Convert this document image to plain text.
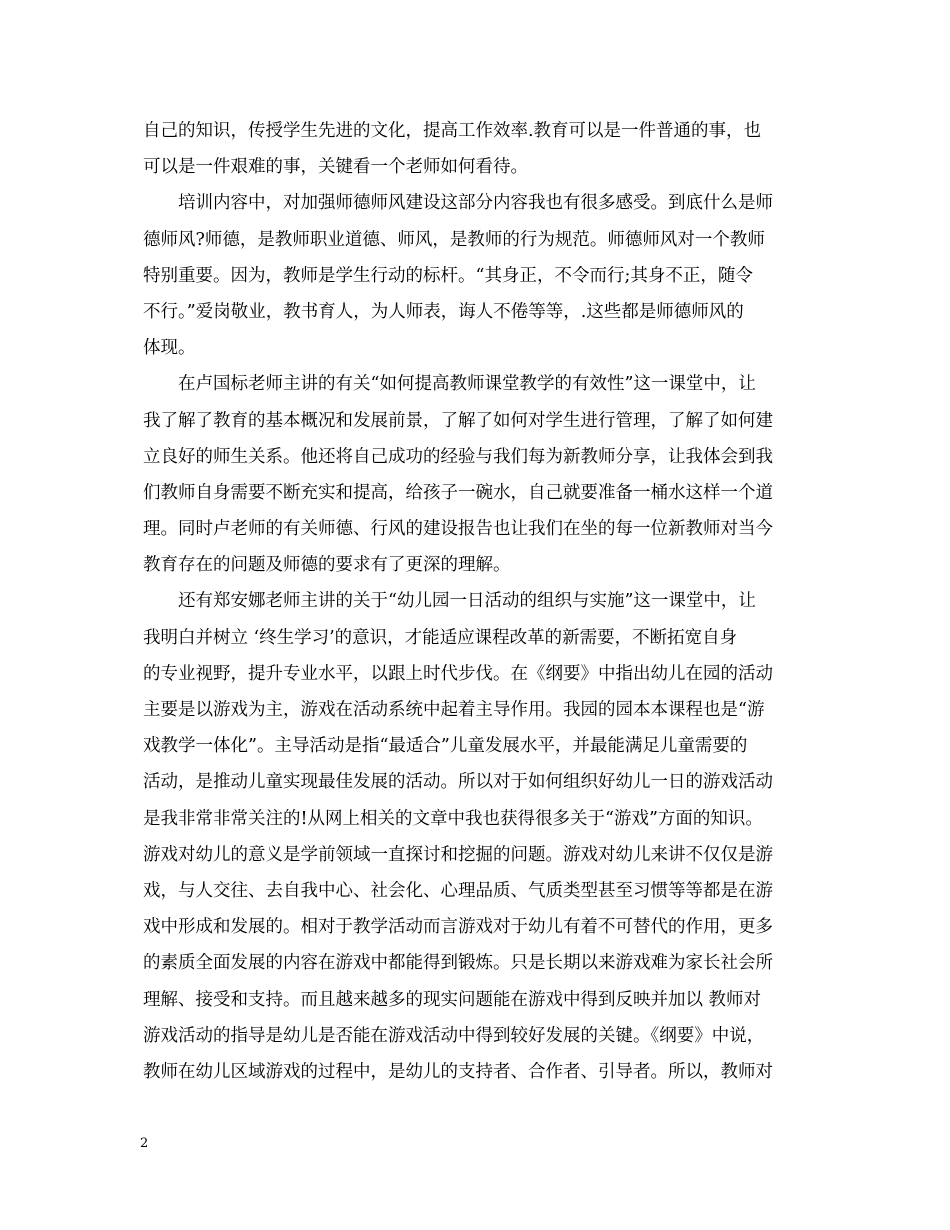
自己的知识，传授学生先进的文化，提高工作效率.教育可以是一件普通的事，也
可以是一件艰难的事，关键看一个老师如何看待。
　　培训内容中，对加强师德师风建设这部分内容我也有很多感受。到底什么是师
德师风?师德，是教师职业道德、师风，是教师的行为规范。师德师风对一个教师
特别重要。因为，教师是学生行动的标杆。“其身正，不令而行;其身不正，随令
不行。”爱岗敬业，教书育人，为人师表，诲人不倦等等，.这些都是师德师风的
体现。
　　在卢国标老师主讲的有关“如何提高教师课堂教学的有效性”这一课堂中，让
我了解了教育的基本概况和发展前景，了解了如何对学生进行管理，了解了如何建
立良好的师生关系。他还将自己成功的经验与我们每为新教师分享，让我体会到我
们教师自身需要不断充实和提高，给孩子一碗水，自己就要准备一桶水这样一个道
理。同时卢老师的有关师德、行风的建设报告也让我们在坐的每一位新教师对当今
教育存在的问题及师德的要求有了更深的理解。
　　还有郑安娜老师主讲的关于“幼儿园一日活动的组织与实施”这一课堂中，让
我明白并树立 ‘终生学习’的意识，才能适应课程改革的新需要，不断拓宽自身
的专业视野，提升专业水平，以跟上时代步伐。在《纲要》中指出幼儿在园的活动
主要是以游戏为主，游戏在活动系统中起着主导作用。我园的园本本课程也是“游
戏教学一体化”。主导活动是指“最适合”儿童发展水平，并最能满足儿童需要的
活动，是推动儿童实现最佳发展的活动。所以对于如何组织好幼儿一日的游戏活动
是我非常非常关注的!从网上相关的文章中我也获得很多关于“游戏”方面的知识。
游戏对幼儿的意义是学前领域一直探讨和挖掘的问题。游戏对幼儿来讲不仅仅是游
戏，与人交往、去自我中心、社会化、心理品质、气质类型甚至习惯等等都是在游
戏中形成和发展的。相对于教学活动而言游戏对于幼儿有着不可替代的作用，更多
的素质全面发展的内容在游戏中都能得到锻炼。只是长期以来游戏难为家长社会所
理解、接受和支持。而且越来越多的现实问题能在游戏中得到反映并加以 教师对
游戏活动的指导是幼儿是否能在游戏活动中得到较好发展的关键。《纲要》中说，
教师在幼儿区域游戏的过程中，是幼儿的支持者、合作者、引导者。所以，教师对
2
